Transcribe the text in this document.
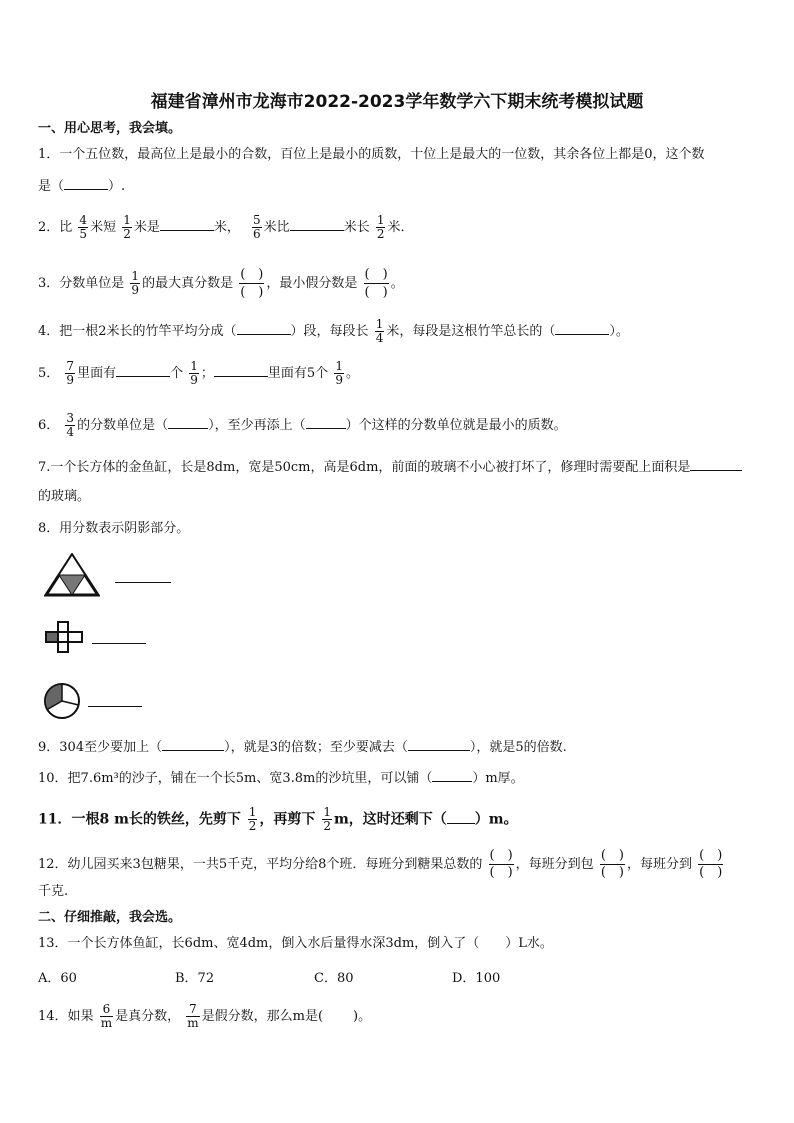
福建省漳州市龙海市2022-2023学年数学六下期末统考模拟试题
一、用心思考，我会填。
1．一个五位数，最高位上是最小的合数，百位上是最小的质数，十位上是最大的一位数，其余各位上都是0，这个数
是（	）.
2．比 $\frac{4}{5}$ 米短 $\frac{1}{2}$ 米是	米， $\frac{5}{6}$ 米比	米长 $\frac{1}{2}$ 米．
3．分数单位是 $\frac{1}{9}$ 的最大真分数是 $\frac{( )}{( )}$ ，最小假分数是 $\frac{( )}{( )}$ 。
4．把一根2米长的竹竿平均分成（	）段，每段长 $\frac{1}{4}$ 米，每段是这根竹竿总长的（	）。
5． $\frac{7}{9}$ 里面有	个 $\frac{1}{9}$ ；	里面有5个 $\frac{1}{9}$ 。
6． $\frac{3}{4}$ 的分数单位是（	），至少再添上（	）个这样的分数单位就是最小的质数。
7.一个长方体的金鱼缸，长是8dm，宽是50cm，高是6dm，前面的玻璃不小心被打坏了，修理时需要配上面积是
的玻璃。
8．用分数表示阴影部分。
9．304至少要加上（	），就是3的倍数；至少要减去（	），就是5的倍数.
10．把7.6m³的沙子，铺在一个长5m、宽3.8m的沙坑里，可以铺（	）m厚。
11．一根8 m长的铁丝，先剪下 $\frac{1}{2}$ ，再剪下 $\frac{1}{2}$ m，这时还剩下（ ）m。
12．幼儿园买来3包糖果，一共5千克，平均分给8个班．每班分到糖果总数的 $\frac{( )}{( )}$ ，每班分到包 $\frac{( )}{( )}$ ，每班分到 $\frac{( )}{( )}$
千克.
二、仔细推敲，我会选。
13．一个长方体鱼缸，长6dm、宽4dm，倒入水后量得水深3dm，倒入了（　　）L水。
A．60	B．72	C．80	D．100
14．如果 $\frac{6}{m}$ 是真分数， $\frac{7}{m}$ 是假分数，那么m是( )。
